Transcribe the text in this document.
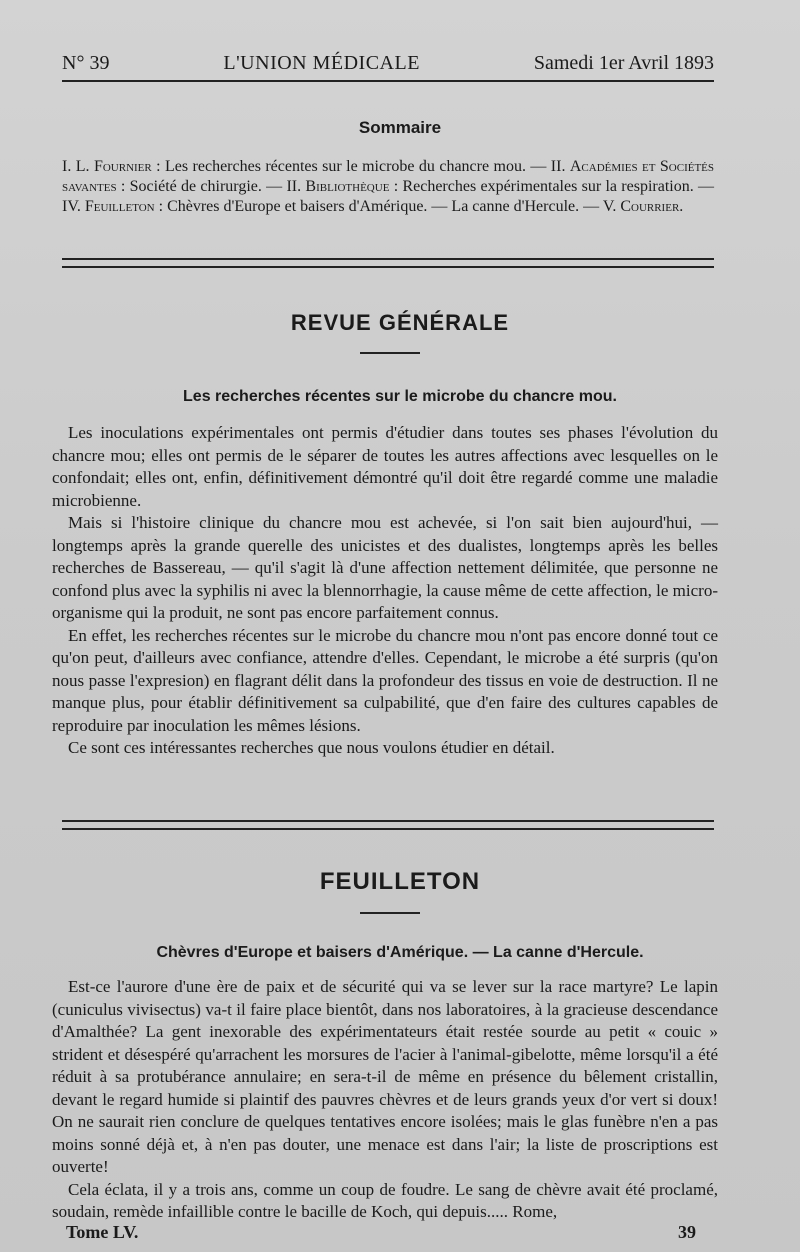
N° 39	L'UNION MÉDICALE	Samedi 1er Avril 1893
Sommaire
I. L. Fournier : Les recherches récentes sur le microbe du chancre mou. — II. Académies et Sociétés savantes : Société de chirurgie. — II. Bibliothèque : Recherches expérimentales sur la respiration. — IV. Feuilleton : Chèvres d'Europe et baisers d'Amérique. — La canne d'Hercule. — V. Courrier.
REVUE GÉNÉRALE
Les recherches récentes sur le microbe du chancre mou.

Les inoculations expérimentales ont permis d'étudier dans toutes ses phases l'évolution du chancre mou; elles ont permis de le séparer de toutes les autres affections avec lesquelles on le confondait; elles ont, enfin, définitivement démontré qu'il doit être regardé comme une maladie microbienne.

Mais si l'histoire clinique du chancre mou est achevée, si l'on sait bien aujourd'hui, — longtemps après la grande querelle des unicistes et des dualistes, longtemps après les belles recherches de Bassereau, — qu'il s'agit là d'une affection nettement délimitée, que personne ne confond plus avec la syphilis ni avec la blennorrhagie, la cause même de cette affection, le micro-organisme qui la produit, ne sont pas encore parfaitement connus.

En effet, les recherches récentes sur le microbe du chancre mou n'ont pas encore donné tout ce qu'on peut, d'ailleurs avec confiance, attendre d'elles. Cependant, le microbe a été surpris (qu'on nous passe l'expresion) en flagrant délit dans la profondeur des tissus en voie de destruction. Il ne manque plus, pour établir définitivement sa culpabilité, que d'en faire des cultures capables de reproduire par inoculation les mêmes lésions.

Ce sont ces intéressantes recherches que nous voulons étudier en détail.

FEUILLETON
Chèvres d'Europe et baisers d'Amérique. — La canne d'Hercule.

Est-ce l'aurore d'une ère de paix et de sécurité qui va se lever sur la race martyre? Le lapin (cuniculus vivisectus) va-t il faire place bientôt, dans nos laboratoires, à la gracieuse descendance d'Amalthée? La gent inexorable des expérimentateurs était restée sourde au petit « couic » strident et désespéré qu'arrachent les morsures de l'acier à l'animal-gibelotte, même lorsqu'il a été réduit à sa protubérance annulaire; en sera-t-il de même en présence du bêlement cristallin, devant le regard humide si plaintif des pauvres chèvres et de leurs grands yeux d'or vert si doux! On ne saurait rien conclure de quelques tentatives encore isolées; mais le glas funèbre n'en a pas moins sonné déjà et, à n'en pas douter, une menace est dans l'air; la liste de proscriptions est ouverte!

Cela éclata, il y a trois ans, comme un coup de foudre. Le sang de chèvre avait été proclamé, soudain, remède infaillible contre le bacille de Koch, qui depuis..... Rome,

Tome LV.	39
